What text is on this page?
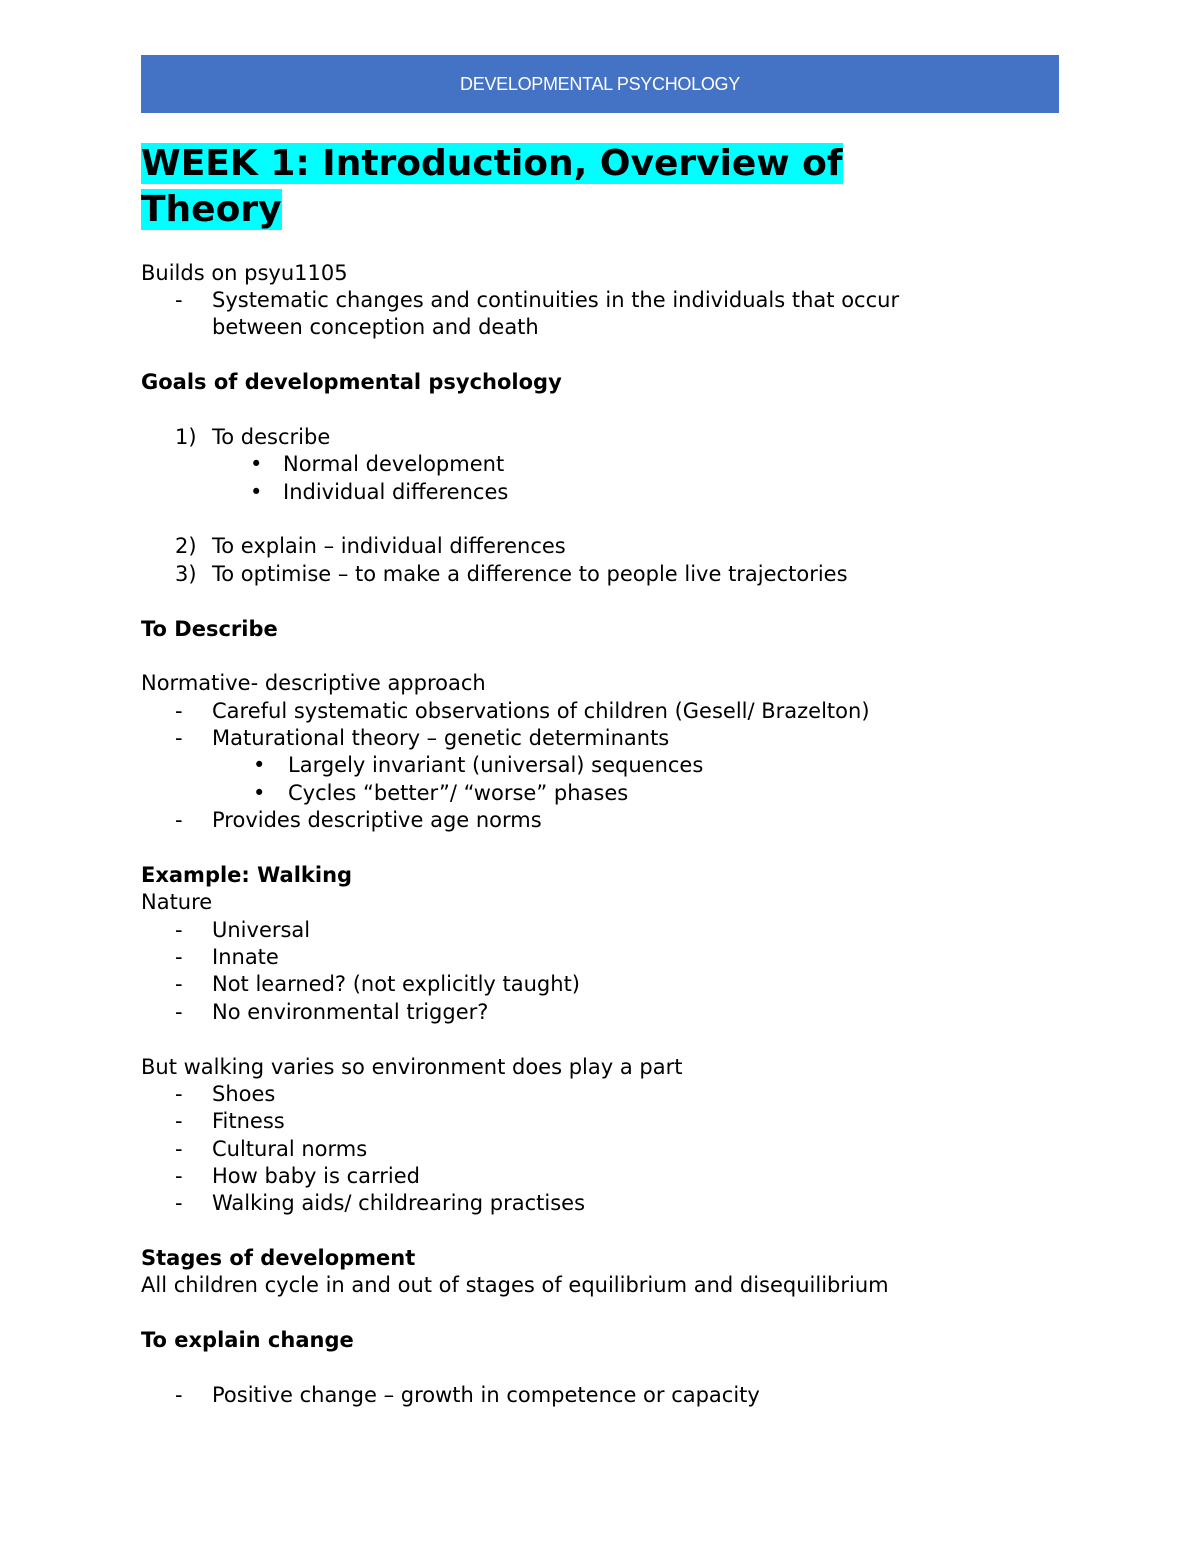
DEVELOPMENTAL PSYCHOLOGY
WEEK 1: Introduction, Overview of
Theory
Builds on psyu1105
- Systematic changes and continuities in the individuals that occur
between conception and death
Goals of developmental psychology
1) To describe
• Normal development
• Individual differences
2) To explain – individual differences
3) To optimise – to make a difference to people live trajectories
To Describe
Normative- descriptive approach
- Careful systematic observations of children (Gesell/ Brazelton)
- Maturational theory – genetic determinants
• Largely invariant (universal) sequences
• Cycles “better”/ “worse” phases
- Provides descriptive age norms
Example: Walking
Nature
- Universal
- Innate
- Not learned? (not explicitly taught)
- No environmental trigger?
But walking varies so environment does play a part
- Shoes
- Fitness
- Cultural norms
- How baby is carried
- Walking aids/ childrearing practises
Stages of development
All children cycle in and out of stages of equilibrium and disequilibrium
To explain change
- Positive change – growth in competence or capacity
